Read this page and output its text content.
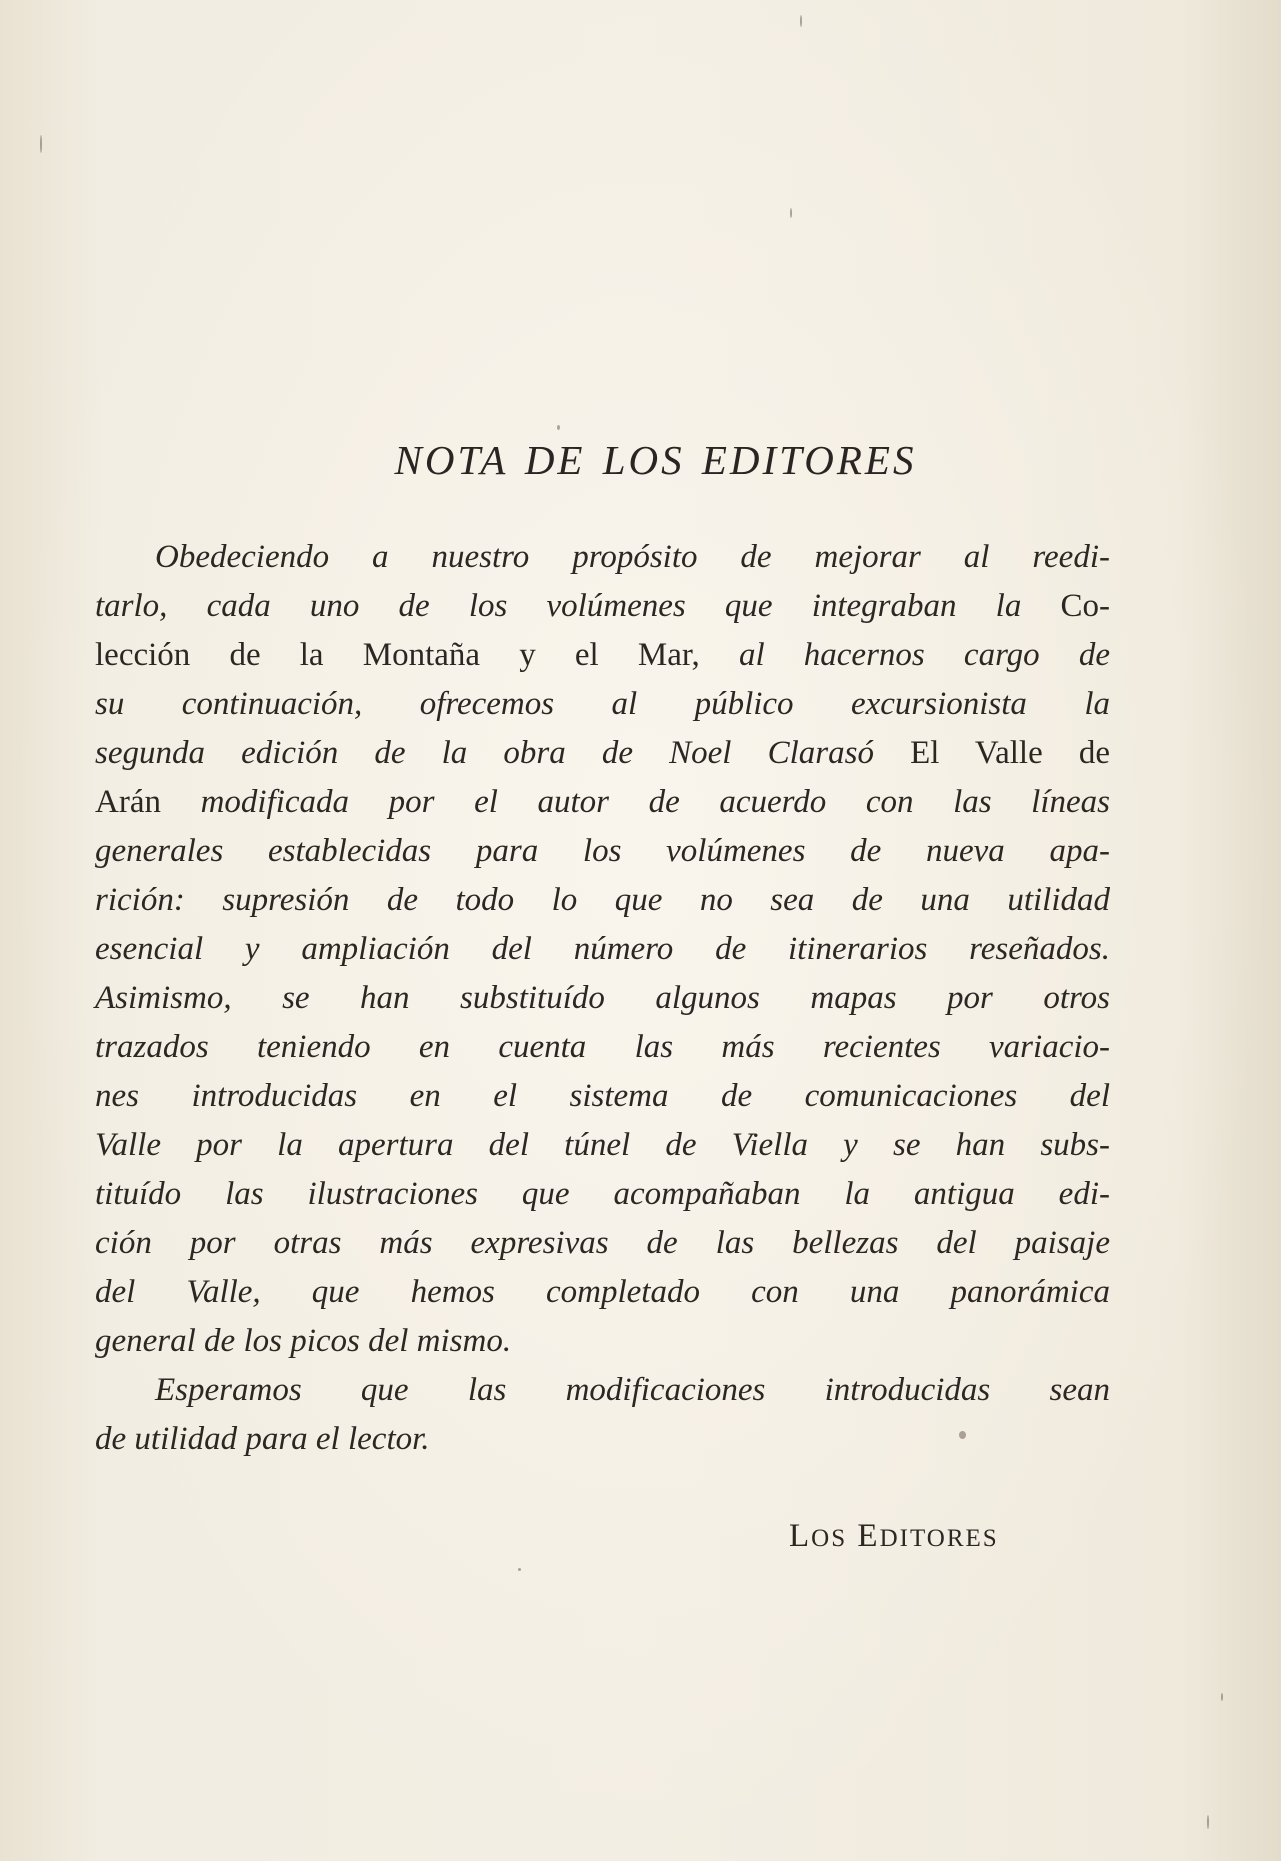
NOTA DE LOS EDITORES
Obedeciendo a nuestro propósito de mejorar al reedi-
tarlo, cada uno de los volúmenes que integraban la Co-
lección de la Montaña y el Mar, al hacernos cargo de
su continuación, ofrecemos al público excursionista la
segunda edición de la obra de Noel Clarasó El Valle de
Arán modificada por el autor de acuerdo con las líneas
generales establecidas para los volúmenes de nueva apa-
rición: supresión de todo lo que no sea de una utilidad
esencial y ampliación del número de itinerarios reseñados.
Asimismo, se han substituído algunos mapas por otros
trazados teniendo en cuenta las más recientes variacio-
nes introducidas en el sistema de comunicaciones del
Valle por la apertura del túnel de Viella y se han subs-
tituído las ilustraciones que acompañaban la antigua edi-
ción por otras más expresivas de las bellezas del paisaje
del Valle, que hemos completado con una panorámica
general de los picos del mismo.
Esperamos que las modificaciones introducidas sean
de utilidad para el lector.
LOS EDITORES
